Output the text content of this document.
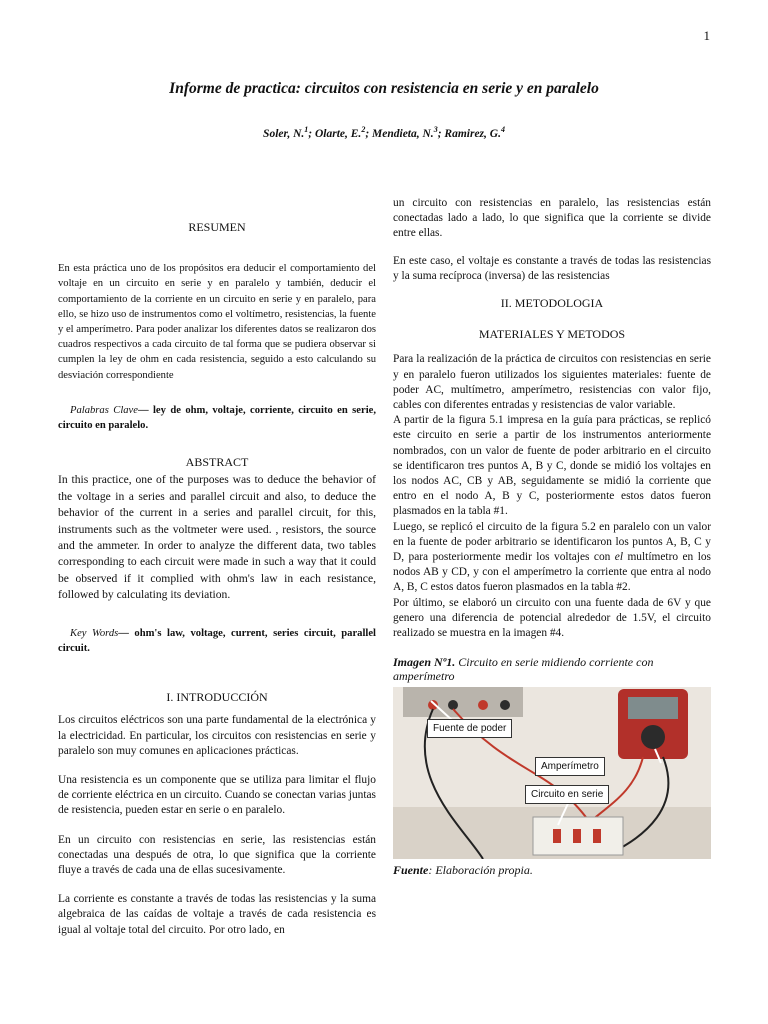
1
Informe de practica: circuitos con resistencia en serie y en paralelo
Soler, N.$^1$; Olarte, E.$^2$; Mendieta, N.$^3$; Ramirez, G.$^4$
RESUMEN

En esta práctica uno de los propósitos era deducir el comportamiento del voltaje en un circuito en serie y en paralelo y también, deducir el comportamiento de la corriente en un circuito en serie y en paralelo, para ello, se hizo uso de instrumentos como el voltímetro, resistencias, la fuente y el amperímetro. Para poder analizar los diferentes datos se realizaron dos cuadros respectivos a cada circuito de tal forma que se pudiera observar si cumplen la ley de ohm en cada resistencia, seguido a esto calculando su desviación correspondiente

Palabras Clave— ley de ohm, voltaje, corriente, circuito en serie, circuito en paralelo.

ABSTRACT

In this practice, one of the purposes was to deduce the behavior of the voltage in a series and parallel circuit and also, to deduce the behavior of the current in a series and parallel circuit, for this, instruments such as the voltmeter were used. , resistors, the source and the ammeter. In order to analyze the different data, two tables corresponding to each circuit were made in such a way that it could be observed if it complied with ohm's law in each resistance, followed by calculating its deviation.

Key Words— ohm's law, voltage, current, series circuit, parallel circuit.

I. INTRODUCCIÓN

Los circuitos eléctricos son una parte fundamental de la electrónica y la electricidad. En particular, los circuitos con resistencias en serie y paralelo son muy comunes en aplicaciones prácticas.

Una resistencia es un componente que se utiliza para limitar el flujo de corriente eléctrica en un circuito. Cuando se conectan varias juntas de resistencia, pueden estar en serie o en paralelo.

En un circuito con resistencias en serie, las resistencias están conectadas una después de otra, lo que significa que la corriente fluye a través de cada una de ellas sucesivamente.

La corriente es constante a través de todas las resistencias y la suma algebraica de las caídas de voltaje a través de cada resistencia es igual al voltaje total del circuito. Por otro lado, en

un circuito con resistencias en paralelo, las resistencias están conectadas lado a lado, lo que significa que la corriente se divide entre ellas.

En este caso, el voltaje es constante a través de todas las resistencias y la suma recíproca (inversa) de las resistencias

II. METODOLOGIA
MATERIALES Y METODOS

Para la realización de la práctica de circuitos con resistencias en serie y en paralelo fueron utilizados los siguientes materiales: fuente de poder AC, multímetro, amperímetro, resistencias con valor fijo, cables con diferentes entradas y resistencias de valor variable.

A partir de la figura 5.1 impresa en la guía para prácticas, se replicó este circuito en serie a partir de los instrumentos anteriormente nombrados, con un valor de fuente de poder arbitrario en el circuito se identificaron tres puntos A, B y C, donde se midió los voltajes en los nodos AC, CB y AB, seguidamente se midió la corriente que entro en el nodo A, B y C, posteriormente estos datos fueron plasmados en la tabla #1.

Luego, se replicó el circuito de la figura 5.2 en paralelo con un valor en la fuente de poder arbitrario se identificaron los puntos A, B, C y D, para posteriormente medir los voltajes con el multímetro en los nodos AB y CD, y con el amperímetro la corriente que entra al nodo A, B, C estos datos fueron plasmados en la tabla #2.

Por último, se elaboró un circuito con una fuente dada de 6V y que genero una diferencia de potencial alrededor de 1.5V, el circuito realizado se muestra en la imagen #4.

Imagen Nº1. Circuito en serie midiendo corriente con amperímetro

Fuente de poder
Amperímetro
Circuito en serie
Fuente: Elaboración propia.
